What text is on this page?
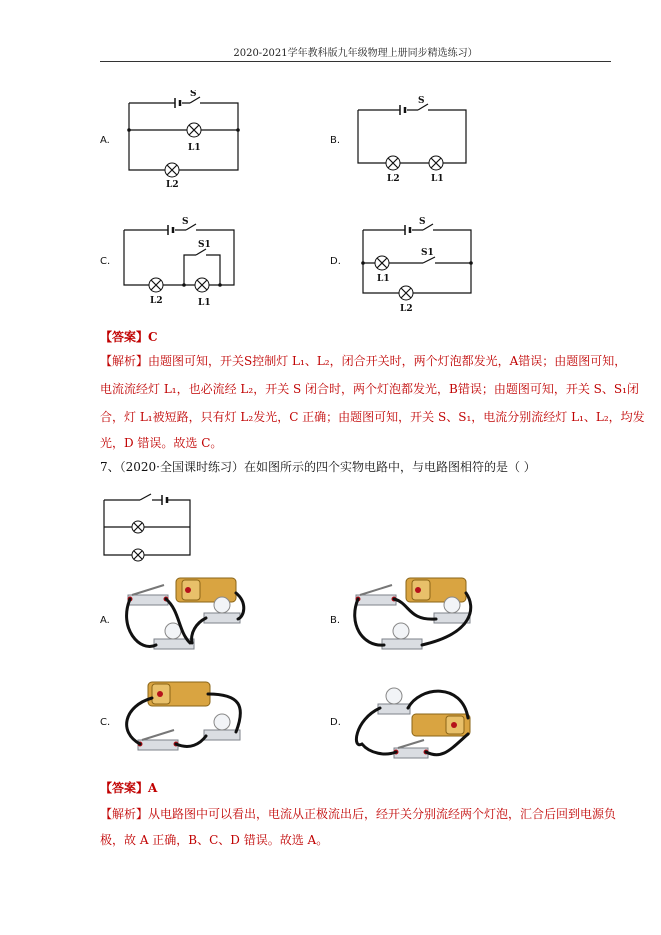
2020-2021学年教科版九年级物理上册同步精选练习）
A.
S
L1
L2
B.
S
L2	L1
C.
S
S1
L2	L1
D.
S
S1
L1
L2
【答案】C
【解析】由题图可知，开关S控制灯 L₁、L₂，闭合开关时，两个灯泡都发光，A错误；由题图可知，
电流流经灯 L₁，也必流经 L₂，开关 S 闭合时，两个灯泡都发光，B错误；由题图可知，开关 S、S₁闭
合，灯 L₁被短路，只有灯 L₂发光，C 正确；由题图可知，开关 S、S₁，电流分别流经灯 L₁、L₂，均发
光，D 错误。故选 C。
7、（2020·全国课时练习）在如图所示的四个实物电路中，与电路图相符的是（ ）
A.	B.
C.	D.
【答案】A
【解析】从电路图中可以看出，电流从正极流出后，经开关分别流经两个灯泡，汇合后回到电源负
极，故 A 正确，B、C、D 错误。故选 A。
